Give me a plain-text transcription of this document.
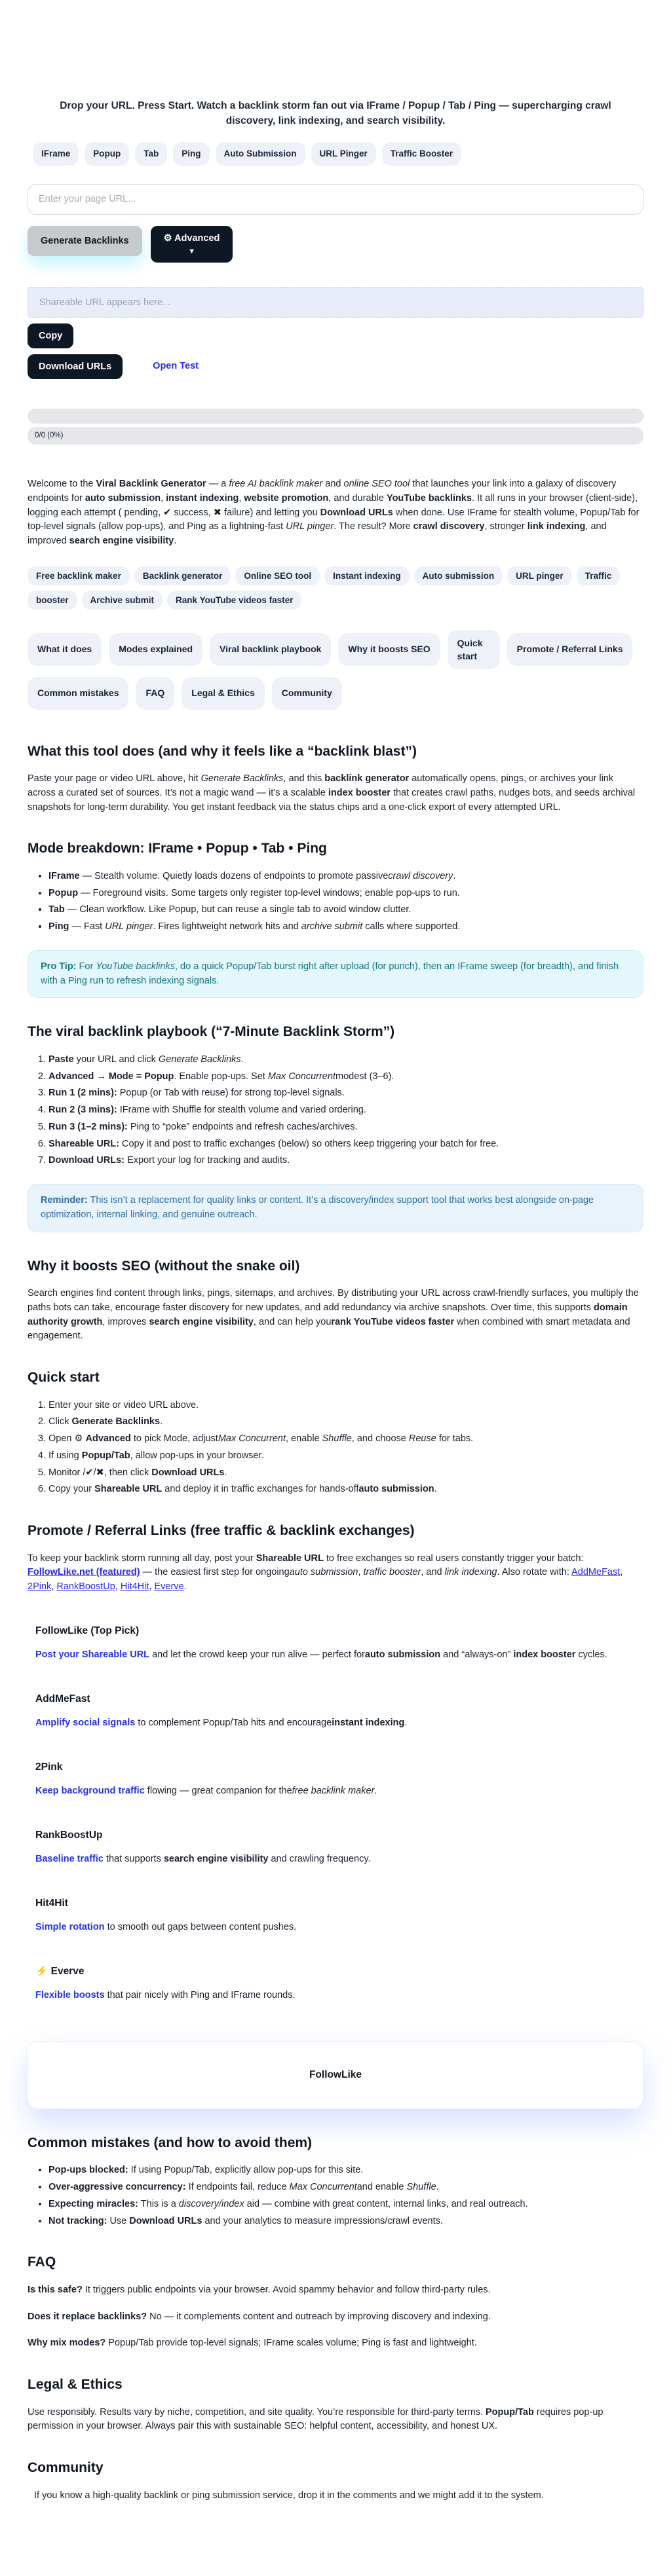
Drop your URL. Press Start. Watch a backlink storm fan out via IFrame / Popup / Tab / Ping — supercharging crawl discovery, link indexing, and search visibility.
IFrame	Popup	Tab	Ping	Auto Submission	URL Pinger	Traffic Booster
Enter your page URL...
Generate Backlinks	⚙ Advanced
▼
Shareable URL appears here...
Copy
Download URLs	Open Test
0/0 (0%)

Welcome to the Viral Backlink Generator — a free AI backlink maker and online SEO tool that launches your link into a galaxy of discovery endpoints for auto submission, instant indexing, website promotion, and durable YouTube backlinks. It all runs in your browser (client-side), logging each attempt ( pending, ✔ success, ✖ failure) and letting you Download URLs when done. Use IFrame for stealth volume, Popup/Tab for top-level signals (allow pop-ups), and Ping as a lightning-fast URL pinger. The result? More crawl discovery, stronger link indexing, and improved search engine visibility.

Free backlink maker Backlink generator Online SEO tool Instant indexing Auto submission URL pinger Traffic booster Archive submit Rank YouTube videos faster
What it does	Modes explained	Viral backlink playbook	Why it boosts SEOQuick startPromote / Referral LinksCommon mistakes	FAQ	Legal & Ethics	Community
What this tool does (and why it feels like a “backlink blast”)

Paste your page or video URL above, hit Generate Backlinks, and this backlink generator automatically opens, pings, or archives your link across a curated set of sources. It’s not a magic wand — it’s a scalable index booster that creates crawl paths, nudges bots, and seeds archival snapshots for long-term durability. You get instant feedback via the status chips and a one-click export of every attempted URL.

Mode breakdown: IFrame • Popup • Tab • Ping
• IFrame — Stealth volume. Quietly loads dozens of endpoints to promote passivecrawl discovery.
• Popup — Foreground visits. Some targets only register top-level windows; enable pop-ups to run.
• Tab — Clean workflow. Like Popup, but can reuse a single tab to avoid window clutter.
• Ping — Fast URL pinger. Fires lightweight network hits and archive submit calls where supported.
Pro Tip: For YouTube backlinks, do a quick Popup/Tab burst right after upload (for punch), then an IFrame sweep (for breadth), and finish with a Ping run to refresh indexing signals.
The viral backlink playbook (“7-Minute Backlink Storm”)
1. Paste your URL and click Generate Backlinks.
2. Advanced → Mode = Popup. Enable pop-ups. Set Max Concurrentmodest (3–6).
3. Run 1 (2 mins): Popup (or Tab with reuse) for strong top-level signals.
4. Run 2 (3 mins): IFrame with Shuffle for stealth volume and varied ordering.
5. Run 3 (1–2 mins): Ping to “poke” endpoints and refresh caches/archives.
6. Shareable URL: Copy it and post to traffic exchanges (below) so others keep triggering your batch for free.
7. Download URLs: Export your log for tracking and audits.
Reminder: This isn’t a replacement for quality links or content. It’s a discovery/index support tool that works best alongside on-page optimization, internal linking, and genuine outreach.
Why it boosts SEO (without the snake oil)

Search engines find content through links, pings, sitemaps, and archives. By distributing your URL across crawl-friendly surfaces, you multiply the paths bots can take, encourage faster discovery for new updates, and add redundancy via archive snapshots. Over time, this supports domain authority growth, improves search engine visibility, and can help yourank YouTube videos faster when combined with smart metadata and engagement.

Quick start
1. Enter your site or video URL above.
2. Click Generate Backlinks.
3. Open ⚙ Advanced to pick Mode, adjustMax Concurrent, enable Shuffle, and choose Reuse for tabs.
4. If using Popup/Tab, allow pop-ups in your browser.
5. Monitor /✔/✖, then click Download URLs.
6. Copy your Shareable URL and deploy it in traffic exchanges for hands-offauto submission.
Promote / Referral Links (free traffic & backlink exchanges)

To keep your backlink storm running all day, post your Shareable URL to free exchanges so real users constantly trigger your batch: FollowLike.net (featured) — the easiest first step for ongoingauto submission, traffic booster, and link indexing. Also rotate with: AddMeFast, 2Pink, RankBoostUp, Hit4Hit, Everve.

FollowLike (Top Pick)

Post your Shareable URL and let the crowd keep your run alive — perfect forauto submission and “always-on” index booster cycles.

AddMeFast

Amplify social signals to complement Popup/Tab hits and encourageinstant indexing.

2Pink

Keep background traffic flowing — great companion for thefree backlink maker.

RankBoostUp

Baseline traffic that supports search engine visibility and crawling frequency.

Hit4Hit

Simple rotation to smooth out gaps between content pushes.

⚡ Everve

Flexible boosts that pair nicely with Ping and IFrame rounds.

FollowLike
Common mistakes (and how to avoid them)
• Pop-ups blocked: If using Popup/Tab, explicitly allow pop-ups for this site.
• Over-aggressive concurrency: If endpoints fail, reduce Max Concurrentand enable Shuffle.
• Expecting miracles: This is a discovery/index aid — combine with great content, internal links, and real outreach.
• Not tracking: Use Download URLs and your analytics to measure impressions/crawl events.
FAQ

Is this safe? It triggers public endpoints via your browser. Avoid spammy behavior and follow third-party rules.

Does it replace backlinks? No — it complements content and outreach by improving discovery and indexing.

Why mix modes? Popup/Tab provide top-level signals; IFrame scales volume; Ping is fast and lightweight.

Legal & Ethics

Use responsibly. Results vary by niche, competition, and site quality. You’re responsible for third-party terms. Popup/Tab requires pop-up permission in your browser. Always pair this with sustainable SEO: helpful content, accessibility, and honest UX.

Community

If you know a high-quality backlink or ping submission service, drop it in the comments and we might add it to the system.
